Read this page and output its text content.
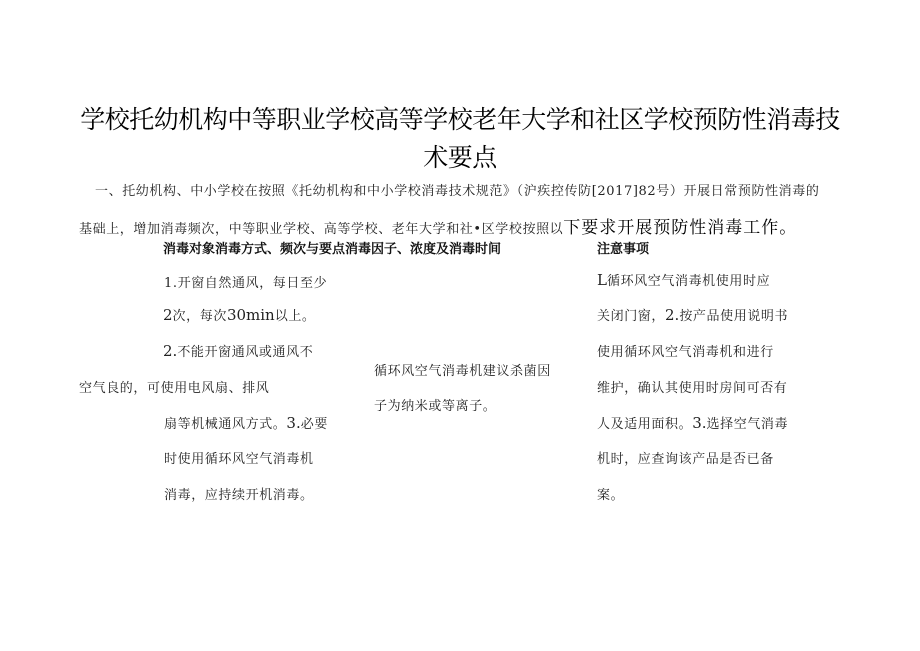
学校托幼机构中等职业学校高等学校老年大学和社区学校预防性消毒技
术要点
一、托幼机构、中小学校在按照《托幼机构和中小学校消毒技术规范》（沪疾控传防[2017]82号）开展日常预防性消毒的
基础上，增加消毒频次，中等职业学校、高等学校、老年大学和社•区学校按照以下要求开展预防性消毒工作。
消毒对象消毒方式、频次与要点消毒因子、浓度及消毒时间	注意事项
1.开窗自然通风，每日至少
2次，每次30min以上。
2.不能开窗通风或通风不
空气良的，可使用电风扇、排风
扇等机械通风方式。3.必要
时使用循环风空气消毒机
消毒，应持续开机消毒。
循环风空气消毒机建议杀菌因
子为纳米或等离子。
L循环风空气消毒机使用时应
关闭门窗，2.按产品使用说明书
使用循环风空气消毒机和进行
维护，确认其使用时房间可否有
人及适用面积。3.选择空气消毒
机时，应查询该产品是否已备
案。
